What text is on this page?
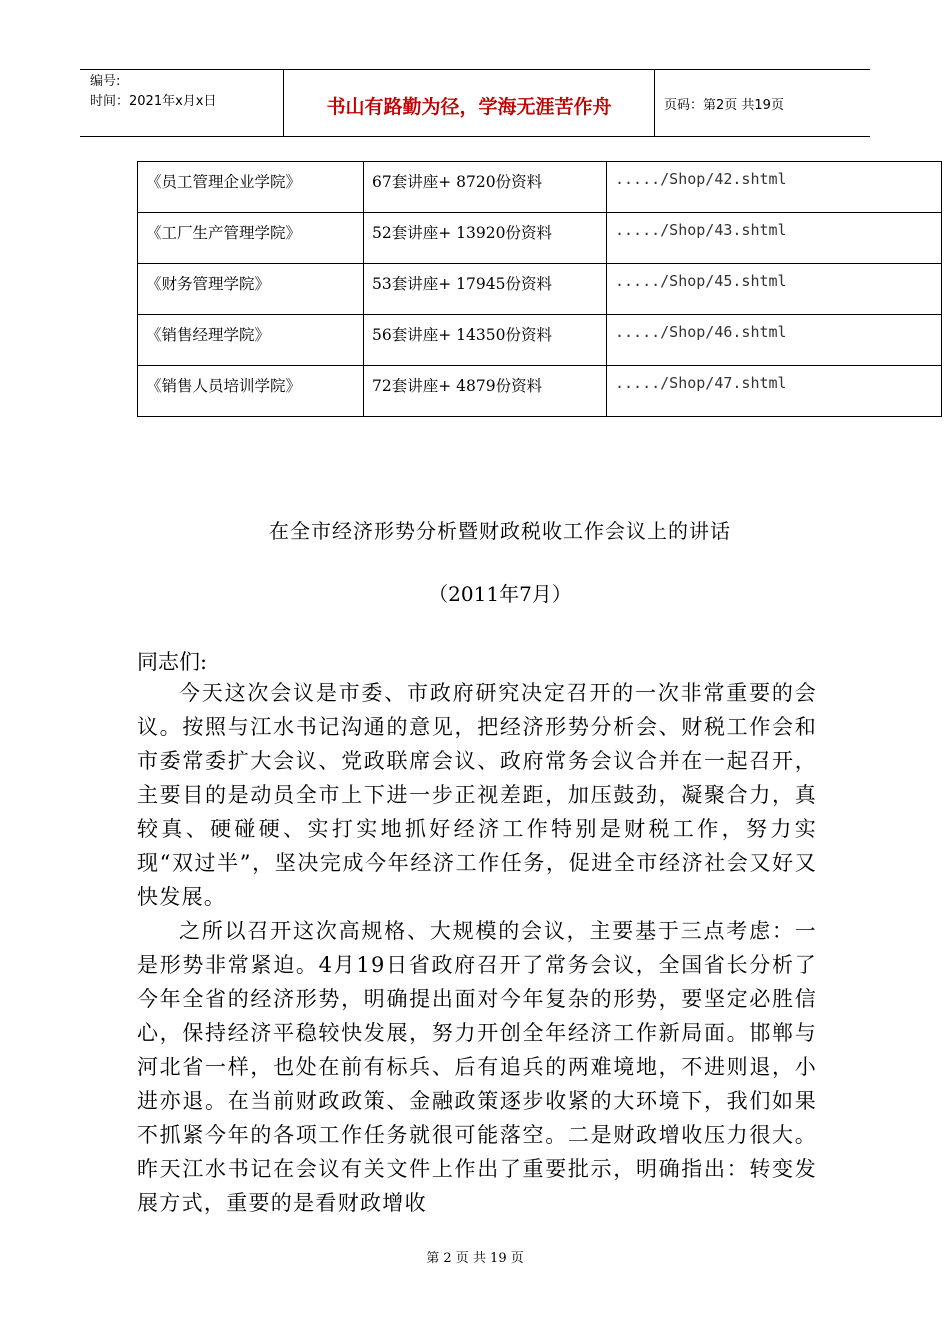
编号:
时间：2021年x月x日	书山有路勤为径，学海无涯苦作舟	页码：第2页 共19页
《员工管理企业学院》	67套讲座+ 8720份资料	...../Shop/42.shtml
《工厂生产管理学院》	52套讲座+ 13920份资料	...../Shop/43.shtml
《财务管理学院》	53套讲座+ 17945份资料	...../Shop/45.shtml
《销售经理学院》	56套讲座+ 14350份资料	...../Shop/46.shtml
《销售人员培训学院》	72套讲座+ 4879份资料	...../Shop/47.shtml
在全市经济形势分析暨财政税收工作会议上的讲话
（2011年7月）
同志们:

今天这次会议是市委、市政府研究决定召开的一次非常重要的会议。按照与江水书记沟通的意见，把经济形势分析会、财税工作会和市委常委扩大会议、党政联席会议、政府常务会议合并在一起召开，主要目的是动员全市上下进一步正视差距，加压鼓劲，凝聚合力，真较真、硬碰硬、实打实地抓好经济工作特别是财税工作，努力实现“双过半”，坚决完成今年经济工作任务，促进全市经济社会又好又快发展。

之所以召开这次高规格、大规模的会议，主要基于三点考虑：一是形势非常紧迫。4月19日省政府召开了常务会议，全国省长分析了今年全省的经济形势，明确提出面对今年复杂的形势，要坚定必胜信心，保持经济平稳较快发展，努力开创全年经济工作新局面。邯郸与河北省一样，也处在前有标兵、后有追兵的两难境地，不进则退，小进亦退。在当前财政政策、金融政策逐步收紧的大环境下，我们如果不抓紧今年的各项工作任务就很可能落空。二是财政增收压力很大。昨天江水书记在会议有关文件上作出了重要批示，明确指出：转变发展方式，重要的是看财政增收

第 2 页 共 19 页
